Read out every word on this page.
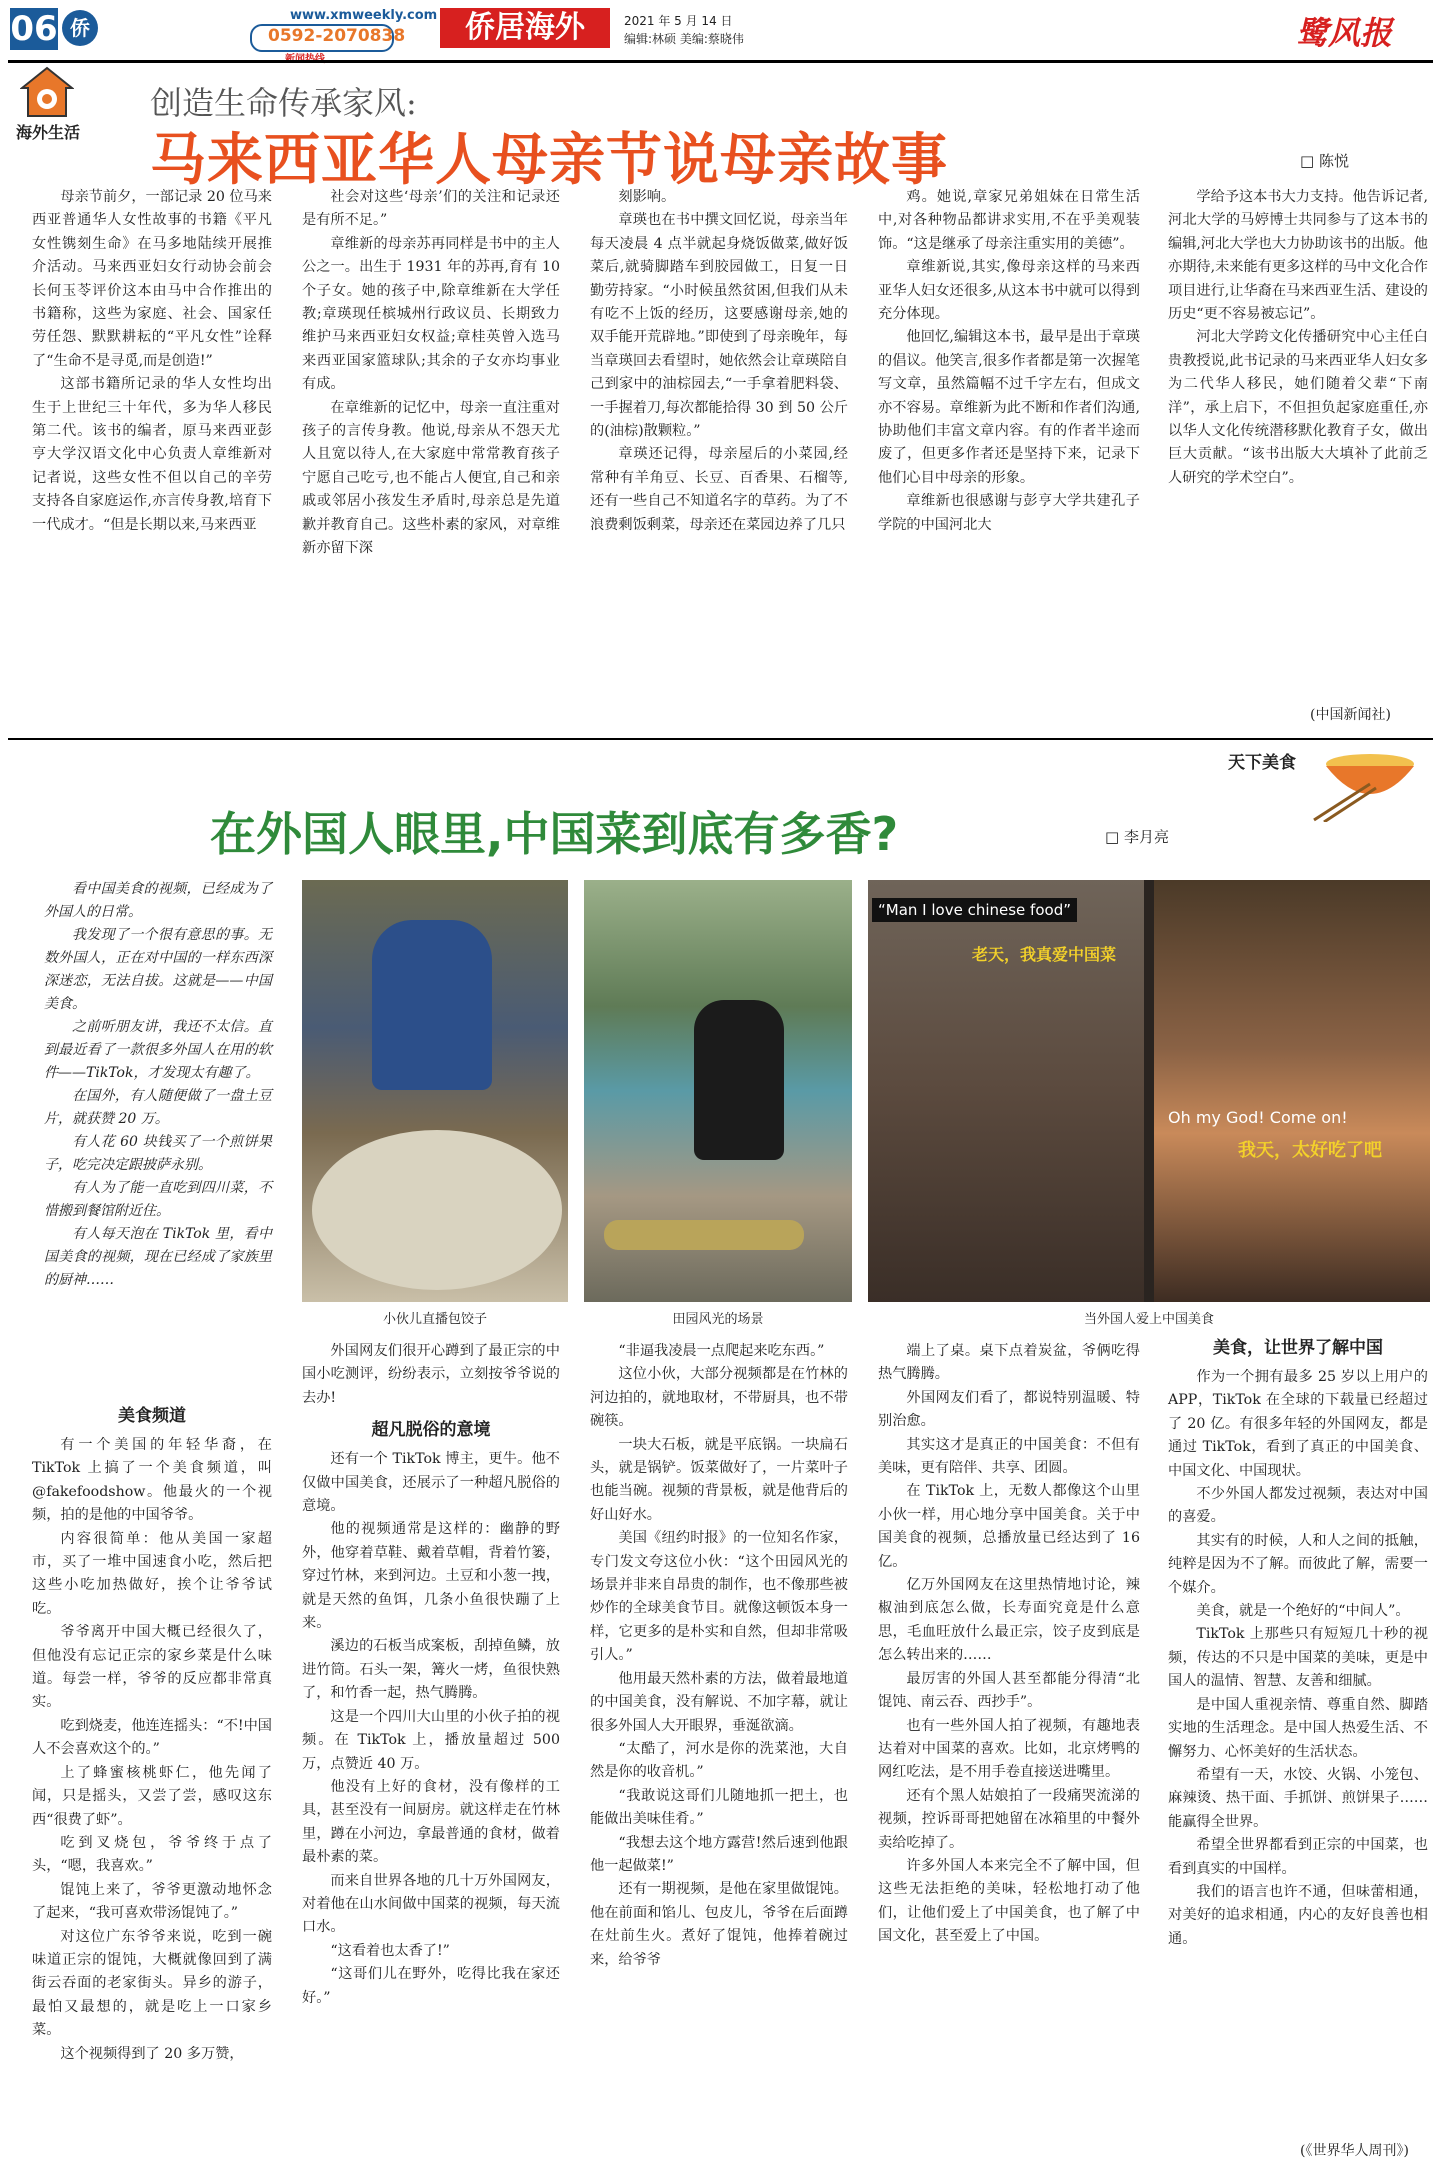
06 侨
www.xmweekly.com
0592-2070838	侨居海外	2021 年 5 月 14 日
编辑:林硕 美编:蔡晓伟	鹭风报
海外生活
创造生命传承家风:
马来西亚华人母亲节说母亲故事	□ 陈悦

母亲节前夕，一部记录 20 位马来西亚普通华人女性故事的书籍《平凡女性镌刻生命》在马多地陆续开展推介活动。马来西亚妇女行动协会前会长何玉苓评价这本由马中合作推出的书籍称，这些为家庭、社会、国家任劳任怨、默默耕耘的“平凡女性”诠释了“生命不是寻觅,而是创造!”

这部书籍所记录的华人女性均出生于上世纪三十年代，多为华人移民第二代。该书的编者，原马来西亚彭亨大学汉语文化中心负责人章维新对记者说，这些女性不但以自己的辛劳支持各自家庭运作,亦言传身教,培育下一代成才。“但是长期以来,马来西亚

社会对这些‘母亲’们的关注和记录还是有所不足。”

章维新的母亲苏再同样是书中的主人公之一。出生于 1931 年的苏再,育有 10 个子女。她的孩子中,除章维新在大学任教;章瑛现任槟城州行政议员、长期致力维护马来西亚妇女权益;章桂英曾入选马来西亚国家篮球队;其余的子女亦均事业有成。

在章维新的记忆中，母亲一直注重对孩子的言传身教。他说,母亲从不怨天尤人且宽以待人,在大家庭中常常教育孩子宁愿自己吃亏,也不能占人便宜,自己和亲戚或邻居小孩发生矛盾时,母亲总是先道歉并教育自己。这些朴素的家风，对章维新亦留下深

刻影响。

章瑛也在书中撰文回忆说，母亲当年每天凌晨 4 点半就起身烧饭做菜,做好饭菜后,就骑脚踏车到胶园做工，日复一日勤劳持家。“小时候虽然贫困,但我们从未有吃不上饭的经历，这要感谢母亲,她的双手能开荒辟地。”即使到了母亲晚年，每当章瑛回去看望时，她依然会让章瑛陪自己到家中的油棕园去,“一手拿着肥料袋、一手握着刀,每次都能拾得 30 到 50 公斤的(油棕)散颗粒。”

章瑛还记得，母亲屋后的小菜园,经常种有羊角豆、长豆、百香果、石榴等,还有一些自己不知道名字的草药。为了不浪费剩饭剩菜，母亲还在菜园边养了几只

鸡。她说,章家兄弟姐妹在日常生活中,对各种物品都讲求实用,不在乎美观装饰。“这是继承了母亲注重实用的美德”。

章维新说,其实,像母亲这样的马来西亚华人妇女还很多,从这本书中就可以得到充分体现。

他回忆,编辑这本书，最早是出于章瑛的倡议。他笑言,很多作者都是第一次握笔写文章，虽然篇幅不过千字左右，但成文亦不容易。章维新为此不断和作者们沟通,协助他们丰富文章内容。有的作者半途而废了，但更多作者还是坚持下来，记录下他们心目中母亲的形象。

章维新也很感谢与彭亨大学共建孔子学院的中国河北大

学给予这本书大力支持。他告诉记者,河北大学的马婷博士共同参与了这本书的编辑,河北大学也大力协助该书的出版。他亦期待,未来能有更多这样的马中文化合作项目进行,让华裔在马来西亚生活、建设的历史“更不容易被忘记”。

河北大学跨文化传播研究中心主任白贵教授说,此书记录的马来西亚华人妇女多为二代华人移民，她们随着父辈“下南洋”，承上启下，不但担负起家庭重任,亦以华人文化传统潜移默化教育子女，做出巨大贡献。“该书出版大大填补了此前乏人研究的学术空白”。

(中国新闻社)
天下美食
在外国人眼里,中国菜到底有多香?	□ 李月亮

看中国美食的视频，已经成为了外国人的日常。

我发现了一个很有意思的事。无数外国人，正在对中国的一样东西深深迷恋，无法自拔。这就是——中国美食。

之前听朋友讲，我还不太信。直到最近看了一款很多外国人在用的软件——TikTok，才发现太有趣了。

在国外，有人随便做了一盘土豆片，就获赞 20 万。

有人花 60 块钱买了一个煎饼果子，吃完决定跟披萨永别。

有人为了能一直吃到四川菜，不惜搬到餐馆附近住。

有人每天泡在 TikTok 里，看中国美食的视频，现在已经成了家族里的厨神……

小伙儿直播包饺子	田园风光的场景
“Man I love chinese food”
老天，我真爱中国菜
Oh my God! Come on!
我天，太好吃了吧
当外国人爱上中国美食
美食频道

有一个美国的年轻华裔，在 TikTok 上搞了一个美食频道，叫 @fakefoodshow。他最火的一个视频，拍的是他的中国爷爷。

内容很简单：他从美国一家超市，买了一堆中国速食小吃，然后把这些小吃加热做好，挨个让爷爷试吃。

爷爷离开中国大概已经很久了，但他没有忘记正宗的家乡菜是什么味道。每尝一样，爷爷的反应都非常真实。

吃到烧麦，他连连摇头：“不!中国人不会喜欢这个的。”

上了蜂蜜核桃虾仁，他先闻了闻，只是摇头，又尝了尝，感叹这东西“很费了虾”。

吃到叉烧包，爷爷终于点了头，“嗯，我喜欢。”

馄饨上来了，爷爷更激动地怀念了起来，“我可喜欢带汤馄饨了。”

对这位广东爷爷来说，吃到一碗味道正宗的馄饨，大概就像回到了满街云吞面的老家街头。异乡的游子，最怕又最想的，就是吃上一口家乡菜。

这个视频得到了 20 多万赞，

外国网友们很开心蹲到了最正宗的中国小吃测评，纷纷表示，立刻按爷爷说的去办!

超凡脱俗的意境

还有一个 TikTok 博主，更牛。他不仅做中国美食，还展示了一种超凡脱俗的意境。

他的视频通常是这样的：幽静的野外，他穿着草鞋、戴着草帽，背着竹篓，穿过竹林，来到河边。土豆和小葱一拽，就是天然的鱼饵，几条小鱼很快蹦了上来。

溪边的石板当成案板，刮掉鱼鳞，放进竹筒。石头一架，篝火一烤，鱼很快熟了，和竹香一起，热气腾腾。

这是一个四川大山里的小伙子拍的视频。在 TikTok 上，播放量超过 500 万，点赞近 40 万。

他没有上好的食材，没有像样的工具，甚至没有一间厨房。就这样走在竹林里，蹲在小河边，拿最普通的食材，做着最朴素的菜。

而来自世界各地的几十万外国网友，对着他在山水间做中国菜的视频，每天流口水。

“这看着也太香了!”

“这哥们儿在野外，吃得比我在家还好。”

“非逼我凌晨一点爬起来吃东西。”

这位小伙，大部分视频都是在竹林的河边拍的，就地取材，不带厨具，也不带碗筷。

一块大石板，就是平底锅。一块扁石头，就是锅铲。饭菜做好了，一片菜叶子也能当碗。视频的背景板，就是他背后的好山好水。

美国《纽约时报》的一位知名作家，专门发文夸这位小伙：“这个田园风光的场景并非来自昂贵的制作，也不像那些被炒作的全球美食节目。就像这顿饭本身一样，它更多的是朴实和自然，但却非常吸引人。”

他用最天然朴素的方法，做着最地道的中国美食，没有解说、不加字幕，就让很多外国人大开眼界，垂涎欲滴。

“太酷了，河水是你的洗菜池，大自然是你的收音机。”

“我敢说这哥们儿随地抓一把土，也能做出美味佳肴。”

“我想去这个地方露营!然后速到他跟他一起做菜!”

还有一期视频，是他在家里做馄饨。他在前面和馅儿、包皮儿，爷爷在后面蹲在灶前生火。煮好了馄饨，他捧着碗过来，给爷爷

端上了桌。桌下点着炭盆，爷俩吃得热气腾腾。

外国网友们看了，都说特别温暖、特别治愈。

其实这才是真正的中国美食：不但有美味，更有陪伴、共享、团圆。

在 TikTok 上，无数人都像这个山里小伙一样，用心地分享中国美食。关于中国美食的视频，总播放量已经达到了 16 亿。

亿万外国网友在这里热情地讨论，辣椒油到底怎么做，长寿面究竟是什么意思，毛血旺放什么最正宗，饺子皮到底是怎么转出来的……

最厉害的外国人甚至都能分得清“北馄饨、南云吞、西抄手”。

也有一些外国人拍了视频，有趣地表达着对中国菜的喜欢。比如，北京烤鸭的网红吃法，是不用手卷直接送进嘴里。

还有个黑人姑娘拍了一段痛哭流涕的视频，控诉哥哥把她留在冰箱里的中餐外卖给吃掉了。

许多外国人本来完全不了解中国，但这些无法拒绝的美味，轻松地打动了他们，让他们爱上了中国美食，也了解了中国文化，甚至爱上了中国。

美食，让世界了解中国

作为一个拥有最多 25 岁以上用户的 APP，TikTok 在全球的下载量已经超过了 20 亿。有很多年轻的外国网友，都是通过 TikTok，看到了真正的中国美食、中国文化、中国现状。

不少外国人都发过视频，表达对中国的喜爱。

其实有的时候，人和人之间的抵触，纯粹是因为不了解。而彼此了解，需要一个媒介。

美食，就是一个绝好的“中间人”。

TikTok 上那些只有短短几十秒的视频，传达的不只是中国菜的美味，更是中国人的温情、智慧、友善和细腻。

是中国人重视亲情、尊重自然、脚踏实地的生活理念。是中国人热爱生活、不懈努力、心怀美好的生活状态。

希望有一天，水饺、火锅、小笼包、麻辣烫、热干面、手抓饼、煎饼果子……能赢得全世界。

希望全世界都看到正宗的中国菜，也看到真实的中国样。

我们的语言也许不通，但味蕾相通，对美好的追求相通，内心的友好良善也相通。

(《世界华人周刊》)
